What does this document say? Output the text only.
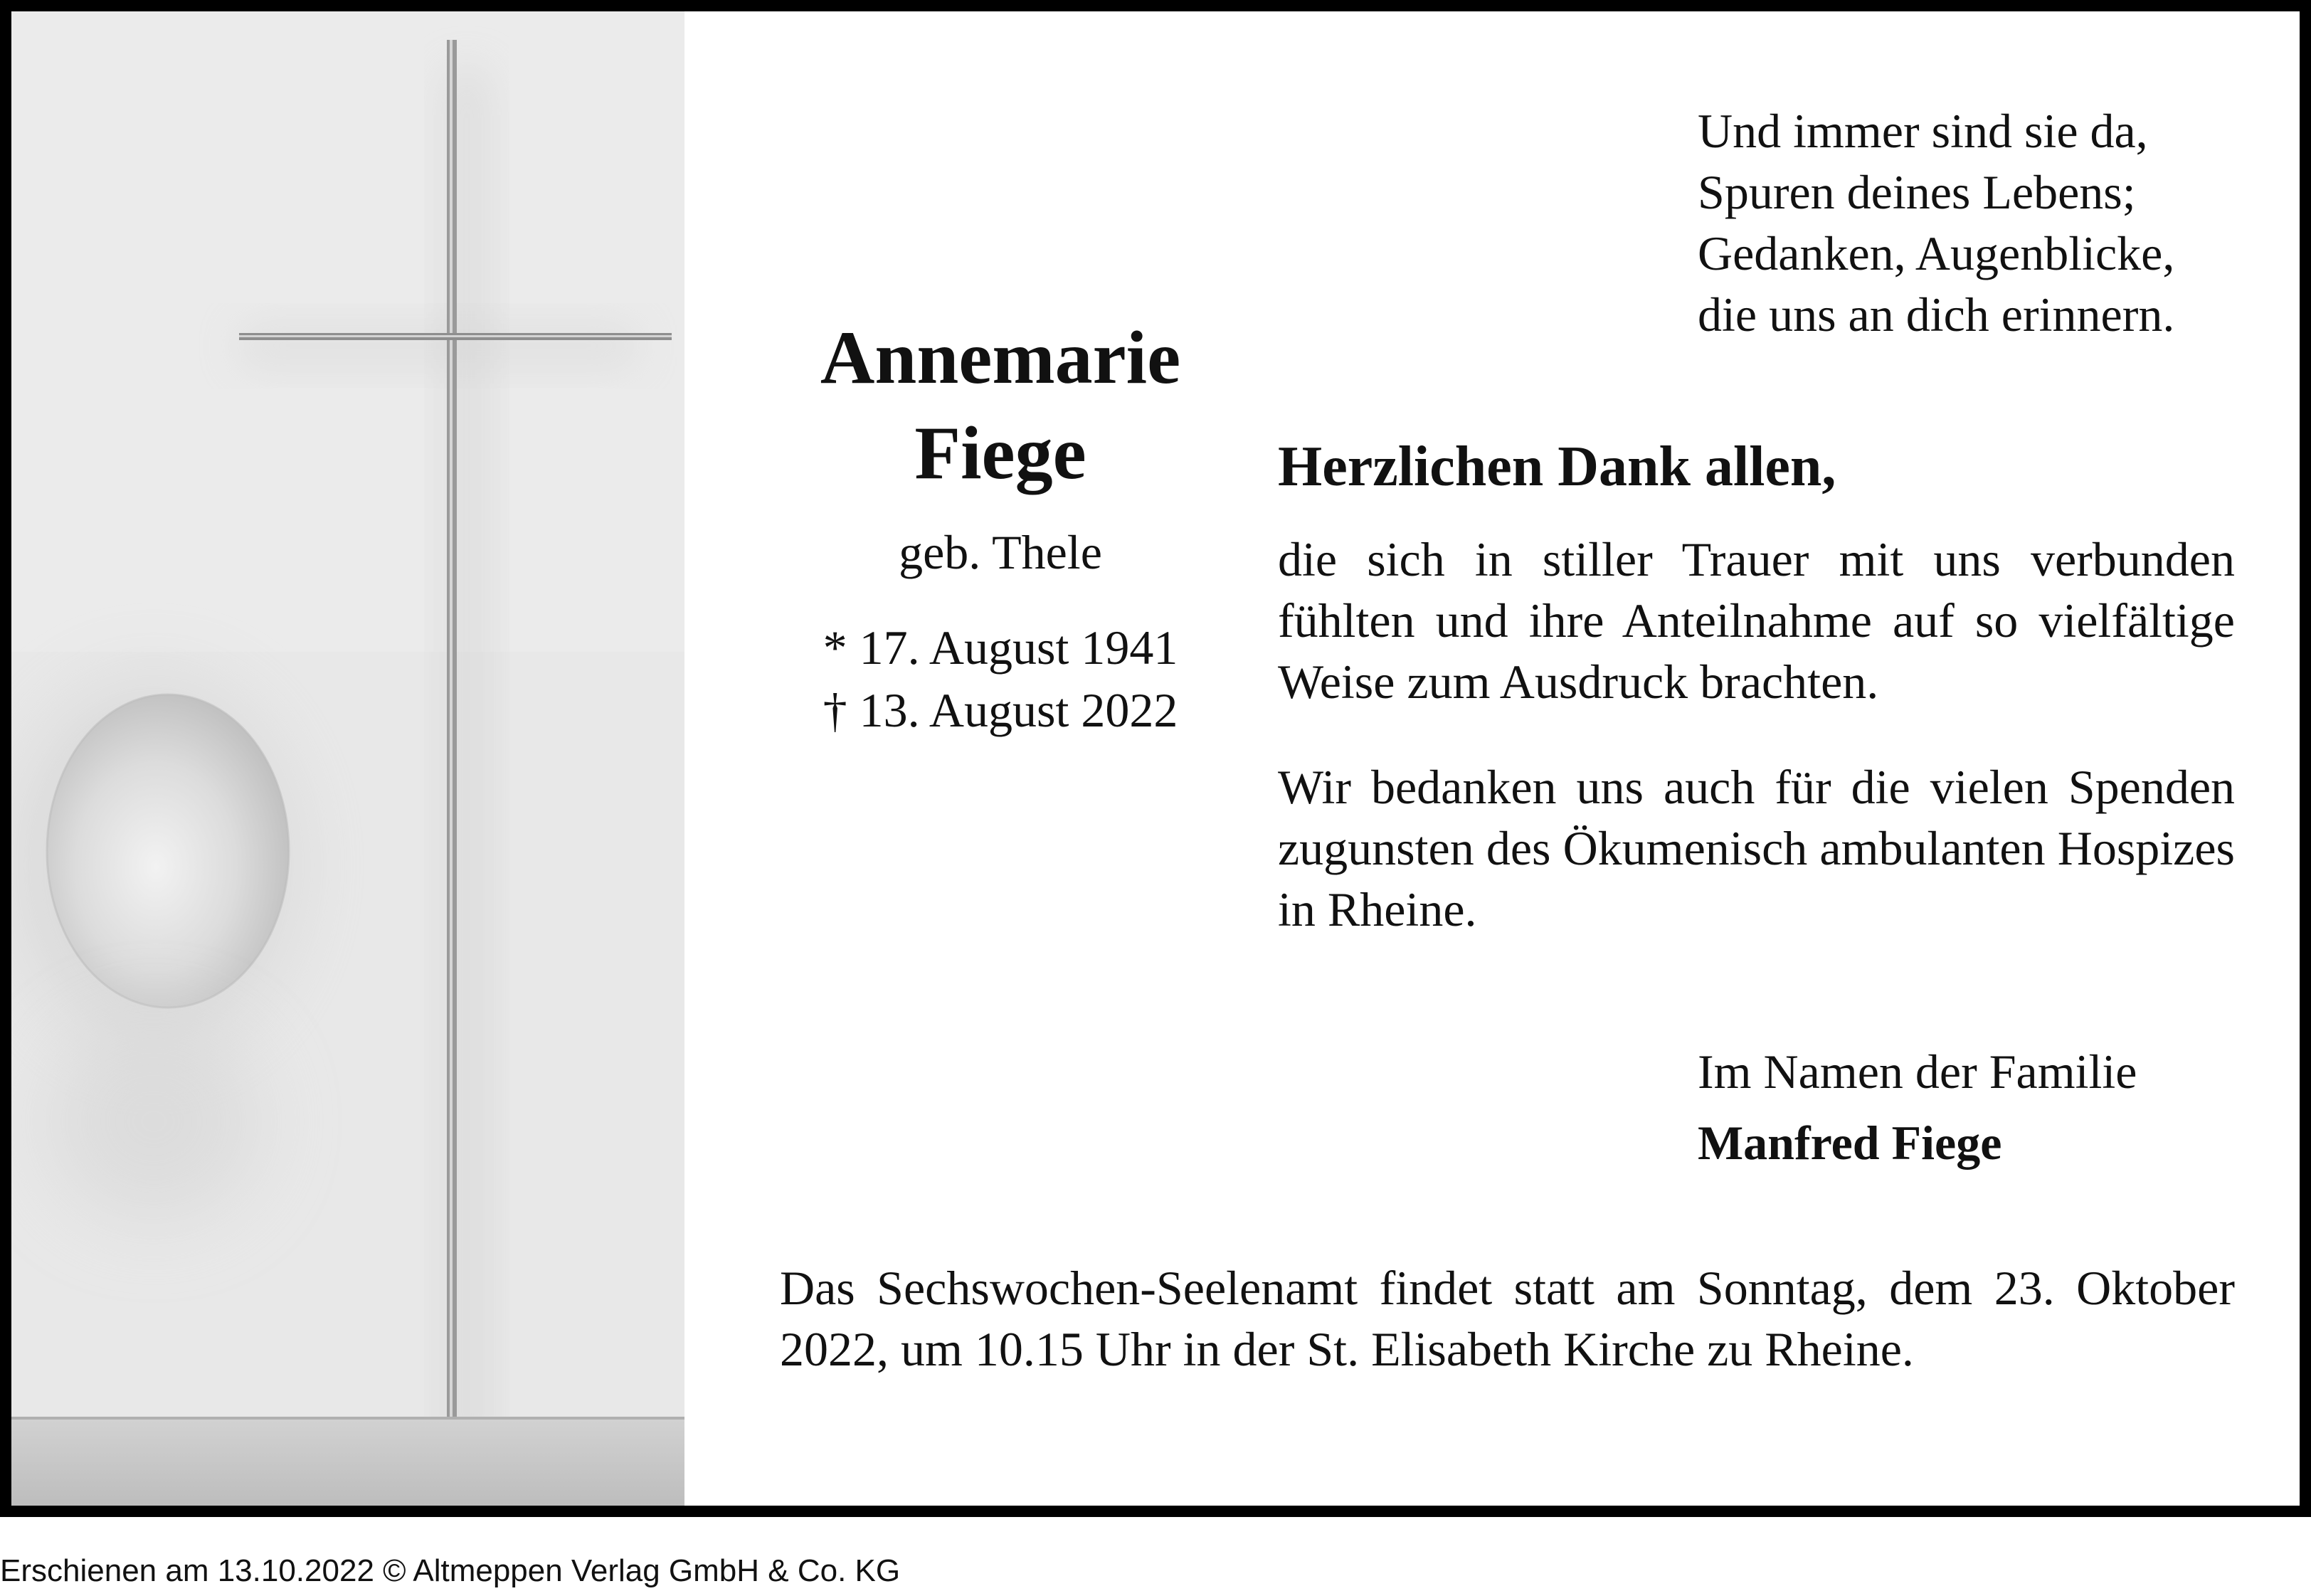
Annemarie
Fiege

geb. Thele

* 17. August 1941
† 13. August 2022

Und immer sind sie da,
Spuren deines Lebens;
Gedanken, Augenblicke,
die uns an dich erinnern.

Herzlichen Dank allen,

die sich in stiller Trauer mit uns verbunden fühlten und ihre Anteilnahme auf so vielfältige Weise zum Ausdruck brachten.

Wir bedanken uns auch für die vielen Spenden zugunsten des Ökumenisch ambulanten Hospizes in Rheine.

Im Namen der Familie

Manfred Fiege

Das Sechswochen-Seelenamt findet statt am Sonntag, dem 23. Oktober 2022, um 10.15 Uhr in der St. Elisabeth Kirche zu Rheine.

Erschienen am 13.10.2022 © Altmeppen Verlag GmbH & Co. KG
